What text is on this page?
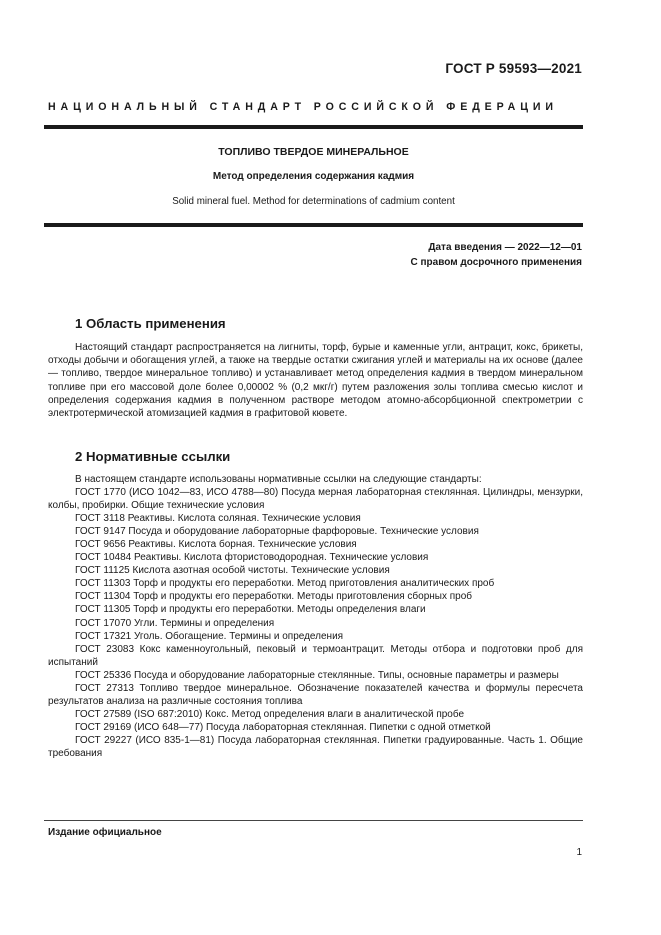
ГОСТ Р 59593—2021
НАЦИОНАЛЬНЫЙ СТАНДАРТ РОССИЙСКОЙ ФЕДЕРАЦИИ
ТОПЛИВО ТВЕРДОЕ МИНЕРАЛЬНОЕ
Метод определения содержания кадмия
Solid mineral fuel. Method for determinations of cadmium content
Дата введения — 2022—12—01
С правом досрочного применения
1 Область применения

Настоящий стандарт распространяется на лигниты, торф, бурые и каменные угли, антрацит, кокс, брикеты, отходы добычи и обогащения углей, а также на твердые остатки сжигания углей и материалы на их основе (далее — топливо, твердое минеральное топливо) и устанавливает метод определения кадмия в твердом минеральном топливе при его массовой доле более 0,00002 % (0,2 мкг/г) путем разложения золы топлива смесью кислот и определения содержания кадмия в полученном растворе методом атомно-абсорбционной спектрометрии с электротермической атомизацией кадмия в графитовой кювете.

2 Нормативные ссылки

В настоящем стандарте использованы нормативные ссылки на следующие стандарты:

ГОСТ 1770 (ИСО 1042—83, ИСО 4788—80) Посуда мерная лабораторная стеклянная. Цилиндры, мензурки, колбы, пробирки. Общие технические условия

ГОСТ 3118 Реактивы. Кислота соляная. Технические условия

ГОСТ 9147 Посуда и оборудование лабораторные фарфоровые. Технические условия

ГОСТ 9656 Реактивы. Кислота борная. Технические условия

ГОСТ 10484 Реактивы. Кислота фтористоводородная. Технические условия

ГОСТ 11125 Кислота азотная особой чистоты. Технические условия

ГОСТ 11303 Торф и продукты его переработки. Метод приготовления аналитических проб

ГОСТ 11304 Торф и продукты его переработки. Методы приготовления сборных проб

ГОСТ 11305 Торф и продукты его переработки. Методы определения влаги

ГОСТ 17070 Угли. Термины и определения

ГОСТ 17321 Уголь. Обогащение. Термины и определения

ГОСТ 23083 Кокс каменноугольный, пековый и термоантрацит. Методы отбора и подготовки проб для испытаний

ГОСТ 25336 Посуда и оборудование лабораторные стеклянные. Типы, основные параметры и размеры

ГОСТ 27313 Топливо твердое минеральное. Обозначение показателей качества и формулы пересчета результатов анализа на различные состояния топлива

ГОСТ 27589 (ISO 687:2010) Кокс. Метод определения влаги в аналитической пробе

ГОСТ 29169 (ИСО 648—77) Посуда лабораторная стеклянная. Пипетки с одной отметкой

ГОСТ 29227 (ИСО 835-1—81) Посуда лабораторная стеклянная. Пипетки градуированные. Часть 1. Общие требования

Издание официальное
1
